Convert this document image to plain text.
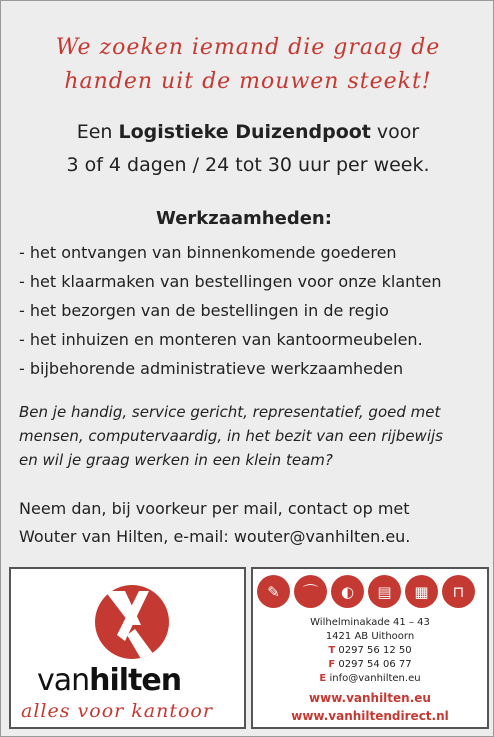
We zoeken iemand die graag de
handen uit de mouwen steekt!
Een Logistieke Duizendpoot voor
3 of 4 dagen / 24 tot 30 uur per week.
Werkzaamheden:
- het ontvangen van binnenkomende goederen
- het klaarmaken van bestellingen voor onze klanten
- het bezorgen van de bestellingen in de regio
- het inhuizen en monteren van kantoormeubelen.
- bijbehorende administratieve werkzaamheden
Ben je handig, service gericht, representatief, goed met
mensen, computervaardig, in het bezit van een rijbewijs
en wil je graag werken in een klein team?
Neem dan, bij voorkeur per mail, contact op met
Wouter van Hilten, e-mail: wouter@vanhilten.eu.
vanhilten
alles voor kantoor
✎	⌒	◐	▤	▦	⊓
Wilhelminakade 41 – 43
1421 AB Uithoorn
T 0297 56 12 50
F 0297 54 06 77
E info@vanhilten.eu
www.vanhilten.eu
www.vanhiltendirect.nl
